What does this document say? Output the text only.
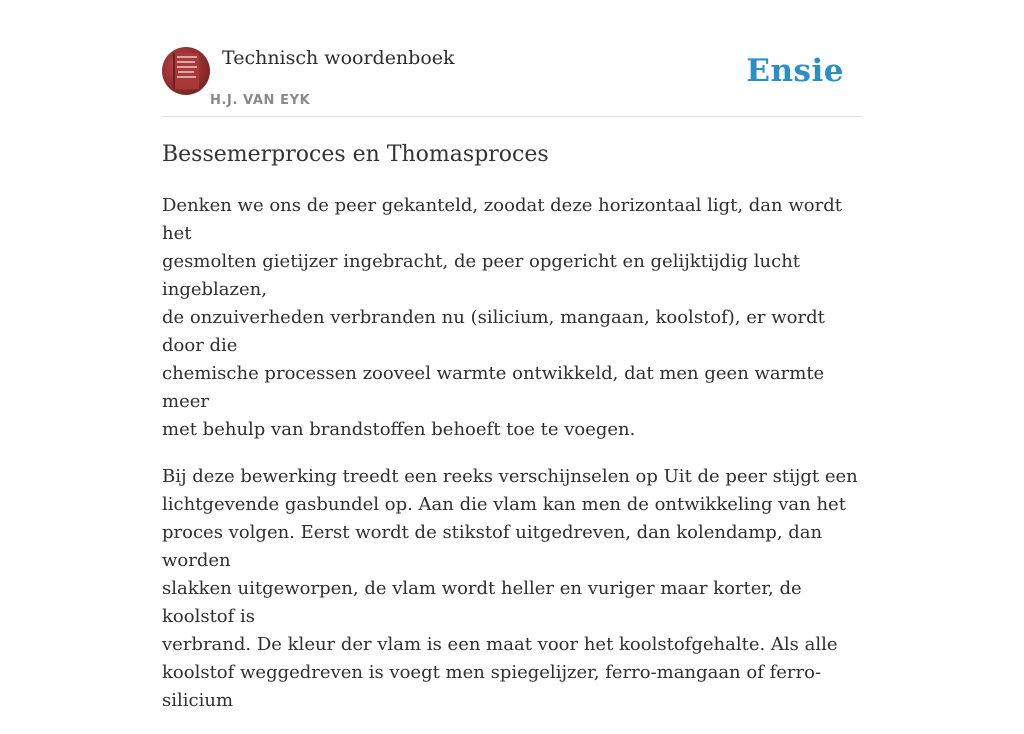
Technisch woordenboek
H.J. VAN EYK
Ensie
Bessemerproces en Thomasproces

Denken we ons de peer gekanteld, zoodat deze horizontaal ligt, dan wordt het
gesmolten gietijzer ingebracht, de peer opgericht en gelijktijdig lucht ingeblazen,
de onzuiverheden verbranden nu (silicium, mangaan, koolstof), er wordt door die
chemische processen zooveel warmte ontwikkeld, dat men geen warmte meer
met behulp van brandstoffen behoeft toe te voegen.

Bij deze bewerking treedt een reeks verschijnselen op Uit de peer stijgt een
lichtgevende gasbundel op. Aan die vlam kan men de ontwikkeling van het
proces volgen. Eerst wordt de stikstof uitgedreven, dan kolendamp, dan worden
slakken uitgeworpen, de vlam wordt heller en vuriger maar korter, de koolstof is
verbrand. De kleur der vlam is een maat voor het koolstofgehalte. Als alle
koolstof weggedreven is voegt men spiegelijzer, ferro-mangaan of ferro-silicium
